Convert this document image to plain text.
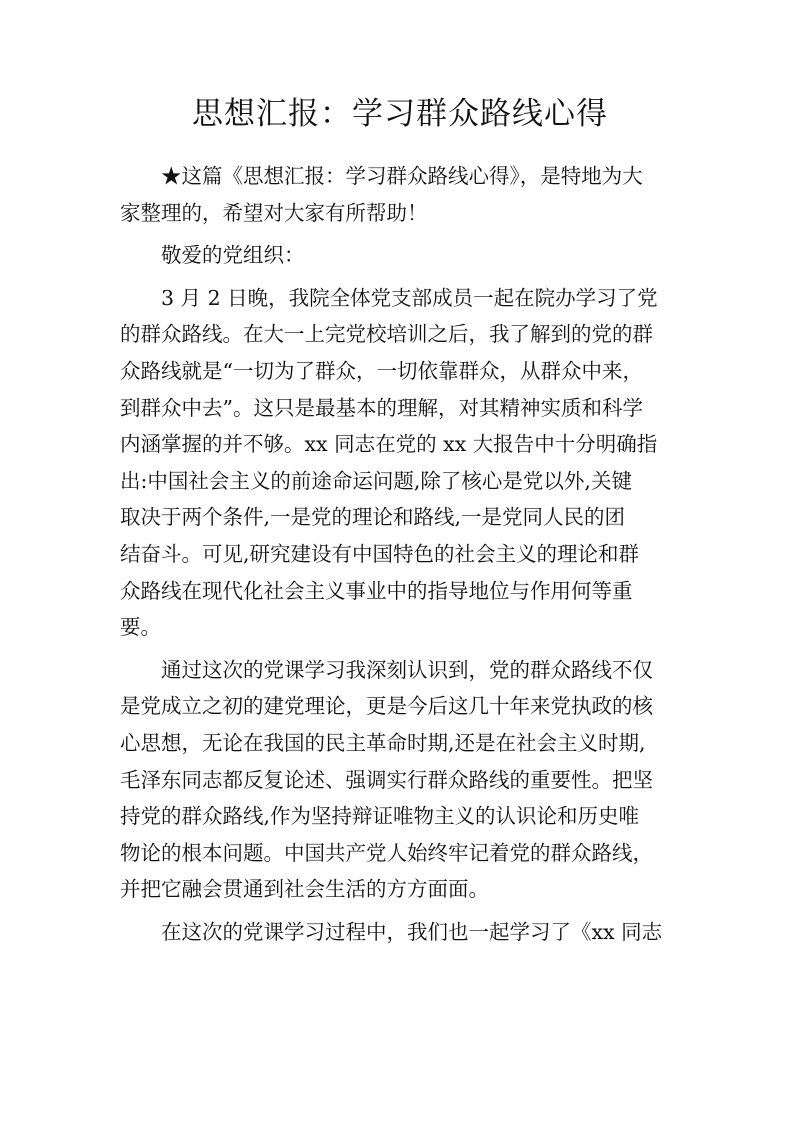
思想汇报：学习群众路线心得

★这篇《思想汇报：学习群众路线心得》，是特地为大
家整理的，希望对大家有所帮助！

敬爱的党组织：

3 月 2 日晚，我院全体党支部成员一起在院办学习了党
的群众路线。在大一上完党校培训之后，我了解到的党的群
众路线就是“一切为了群众，一切依靠群众，从群众中来，
到群众中去”。这只是最基本的理解，对其精神实质和科学
内涵掌握的并不够。xx 同志在党的 xx 大报告中十分明确指
出:中国社会主义的前途命运问题,除了核心是党以外,关键
取决于两个条件,一是党的理论和路线,一是党同人民的团
结奋斗。可见,研究建设有中国特色的社会主义的理论和群
众路线在现代化社会主义事业中的指导地位与作用何等重
要。

通过这次的党课学习我深刻认识到，党的群众路线不仅
是党成立之初的建党理论，更是今后这几十年来党执政的核
心思想，无论在我国的民主革命时期,还是在社会主义时期,
毛泽东同志都反复论述、强调实行群众路线的重要性。把坚
持党的群众路线,作为坚持辩证唯物主义的认识论和历史唯
物论的根本问题。中国共产党人始终牢记着党的群众路线，
并把它融会贯通到社会生活的方方面面。

在这次的党课学习过程中，我们也一起学习了《xx 同志
